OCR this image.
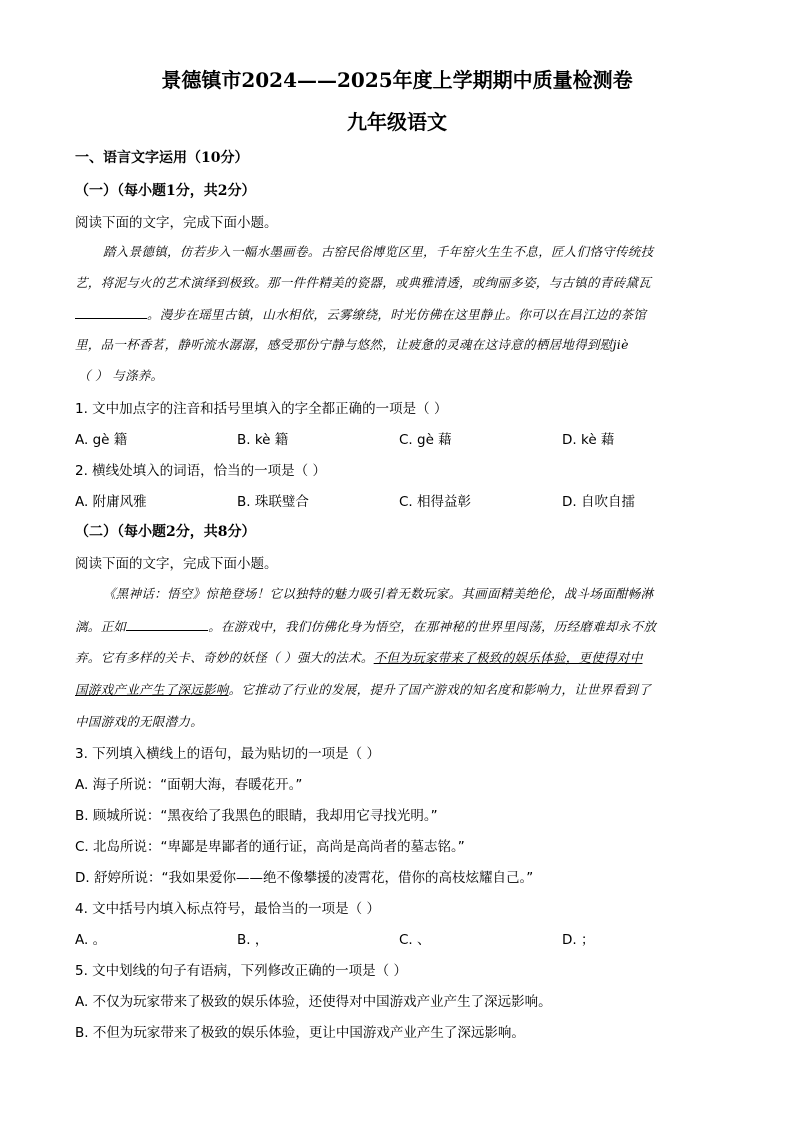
景德镇市2024——2025年度上学期期中质量检测卷
九年级语文
一、语言文字运用（10分）
（一）（每小题1分，共2分）
阅读下面的文字，完成下面小题。
踏入景德镇，仿若步入一幅水墨画卷。古窑民俗博览区里，千年窑火生生不息，匠人们恪守传统技
艺，将泥与火的艺术演绎到极致。那一件件精美的瓷器，或典雅清透，或绚丽多姿，与古镇的青砖黛瓦
。漫步在瑶里古镇，山水相依，云雾缭绕，时光仿佛在这里静止。你可以在昌江边的茶馆
里，品一杯香茗，静听流水潺潺，感受那份宁静与悠然，让疲惫的灵魂在这诗意的栖居地得到慰jiè
（ ） 与涤养。
1. 文中加点字的注音和括号里填入的字全都正确的一项是（ ）
A. gè 籍	B. kè 籍	C. gè 藉	D. kè 藉
2. 横线处填入的词语，恰当的一项是（ ）
A. 附庸风雅	B. 珠联璧合	C. 相得益彰	D. 自吹自擂
（二）（每小题2分，共8分）
阅读下面的文字，完成下面小题。
《黑神话：悟空》惊艳登场！它以独特的魅力吸引着无数玩家。其画面精美绝伦，战斗场面酣畅淋
漓。正如	。在游戏中，我们仿佛化身为悟空，在那神秘的世界里闯荡，历经磨难却永不放
弃。它有多样的关卡、奇妙的妖怪（ ）强大的法术。不但为玩家带来了极致的娱乐体验，更使得对中
国游戏产业产生了深远影响。它推动了行业的发展，提升了国产游戏的知名度和影响力，让世界看到了
中国游戏的无限潜力。
3. 下列填入横线上的语句，最为贴切的一项是（ ）
A. 海子所说：“面朝大海，春暖花开。”
B. 顾城所说：“黑夜给了我黑色的眼睛，我却用它寻找光明。”
C. 北岛所说：“卑鄙是卑鄙者的通行证，高尚是高尚者的墓志铭。”
D. 舒婷所说：“我如果爱你——绝不像攀援的凌霄花，借你的高枝炫耀自己。”
4. 文中括号内填入标点符号，最恰当的一项是（ ）
A. 。	B. ，	C. 、	D. ；
5. 文中划线的句子有语病，下列修改正确的一项是（ ）
A. 不仅为玩家带来了极致的娱乐体验，还使得对中国游戏产业产生了深远影响。
B. 不但为玩家带来了极致的娱乐体验，更让中国游戏产业产生了深远影响。
